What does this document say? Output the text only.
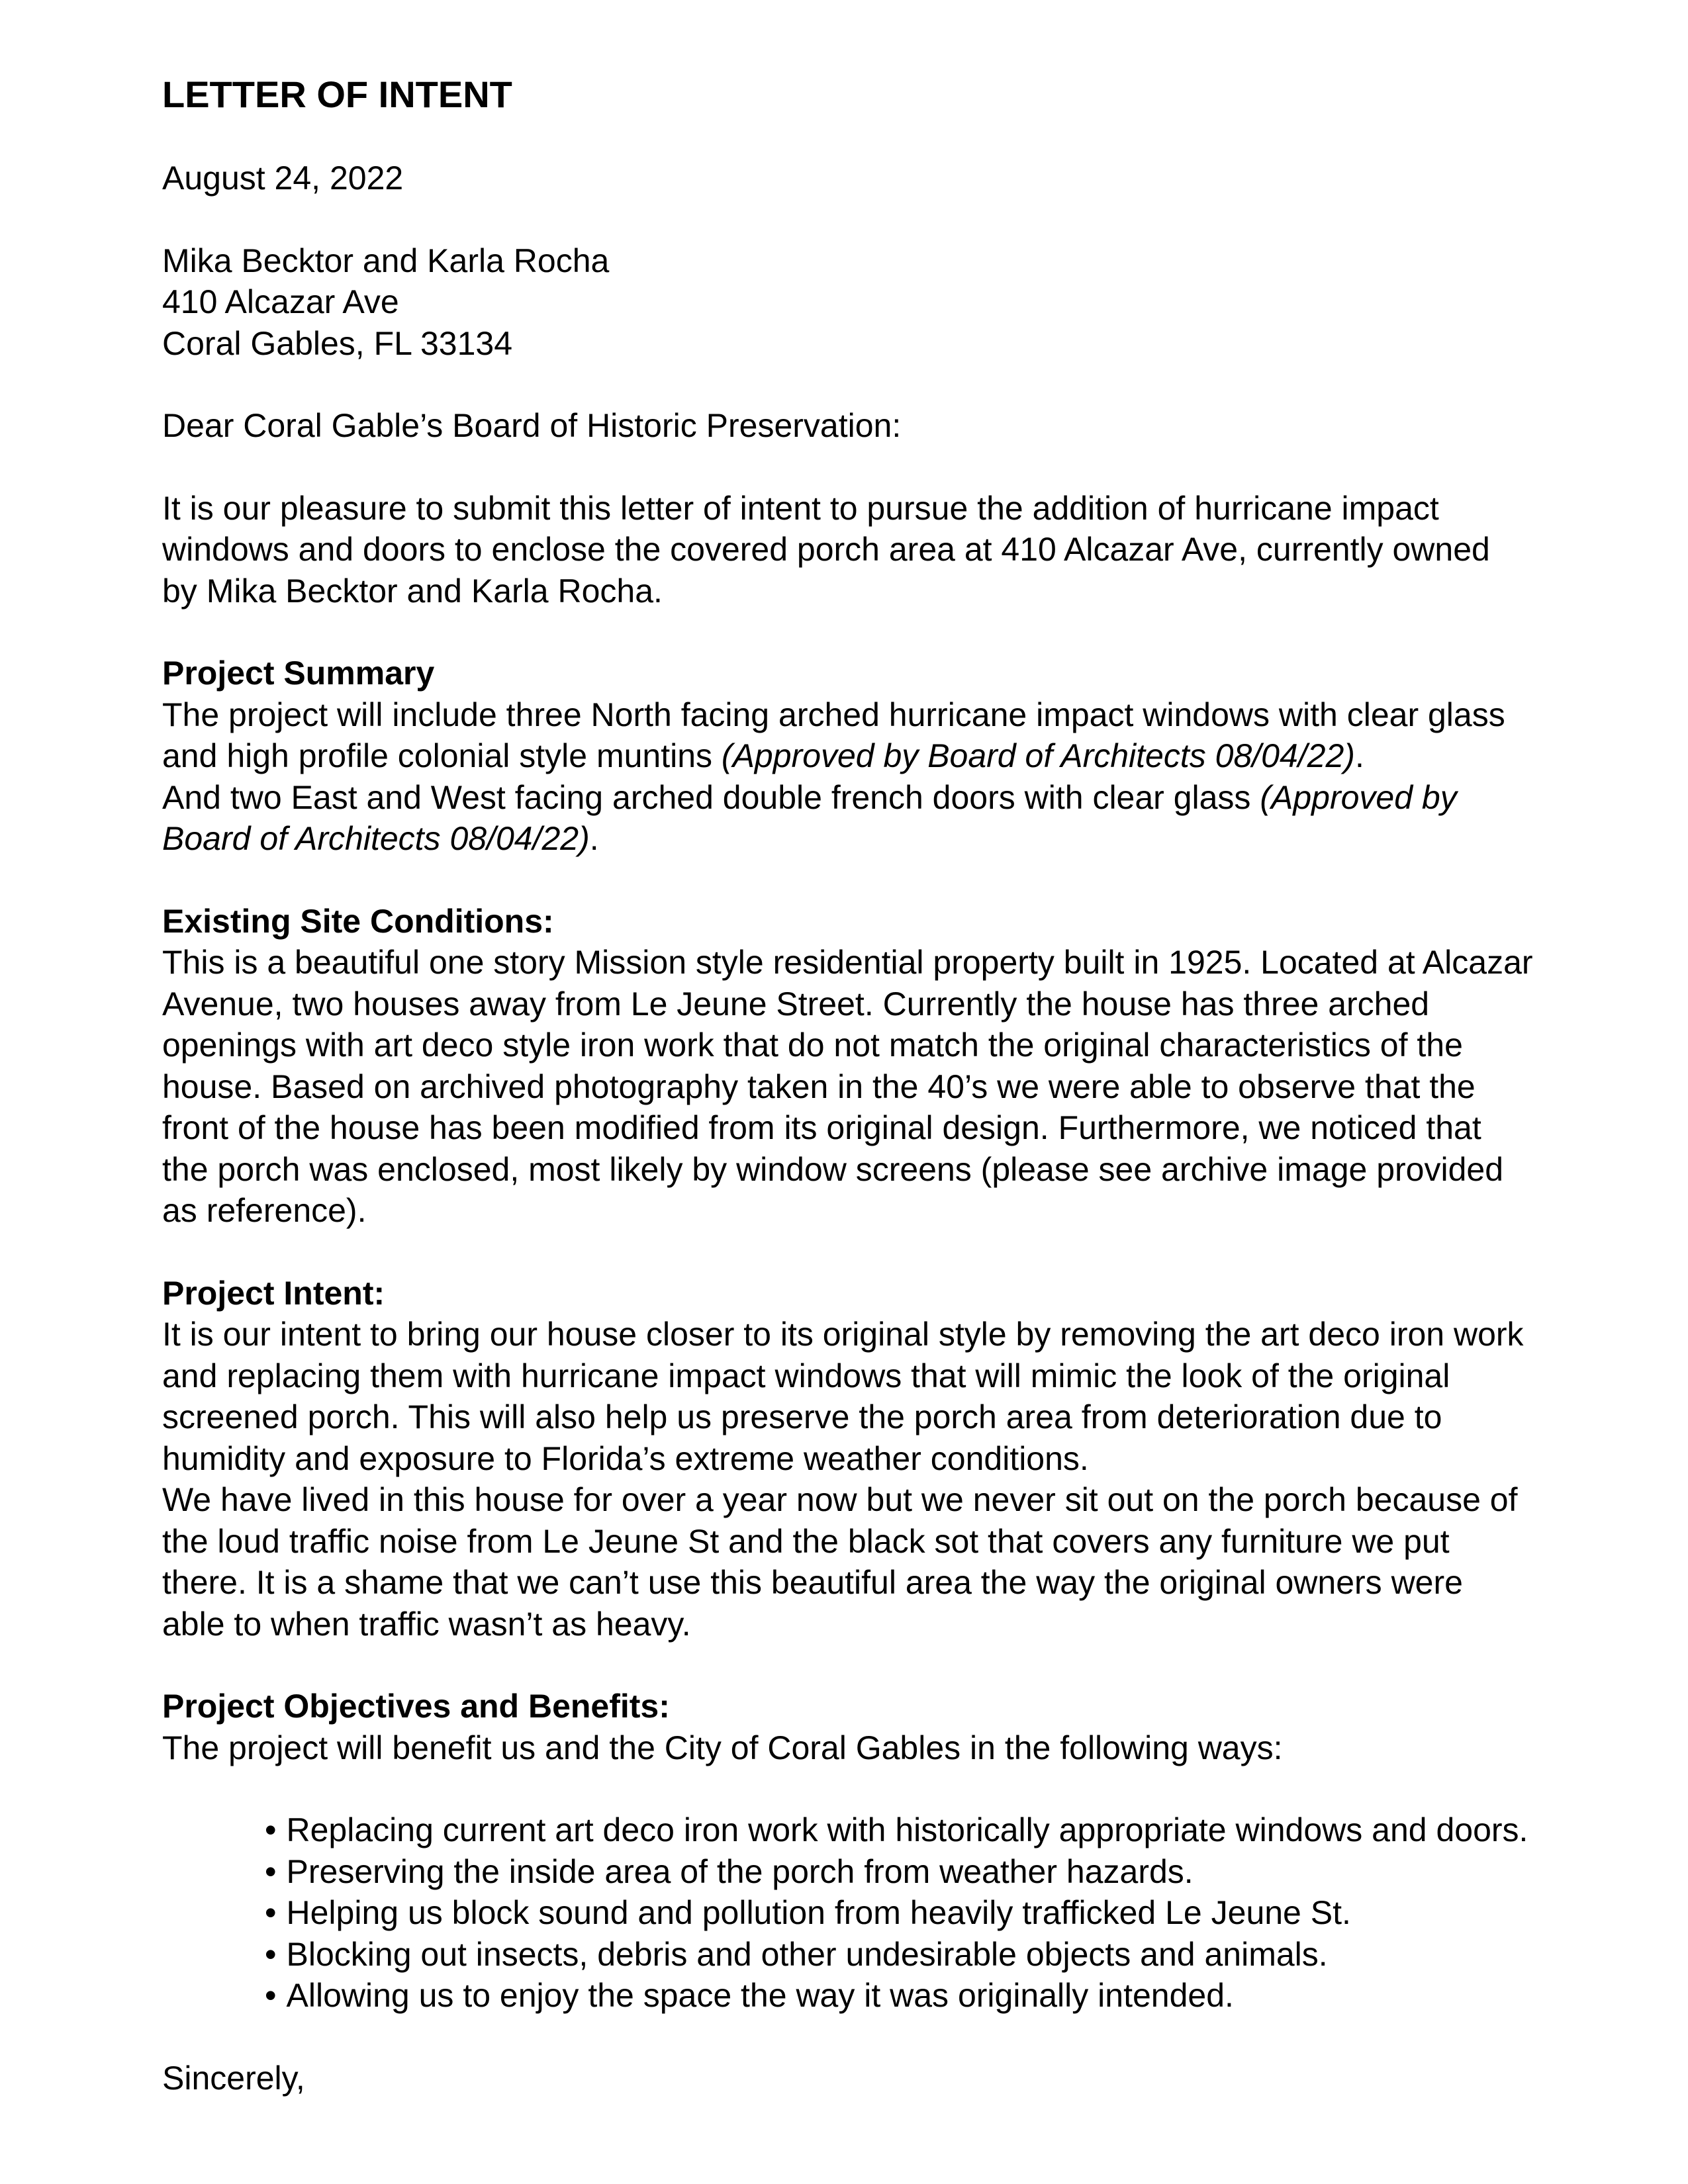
LETTER OF INTENT

August 24, 2022

Mika Becktor and Karla Rocha
410 Alcazar Ave
Coral Gables, FL 33134

Dear Coral Gable’s Board of Historic Preservation:

It is our pleasure to submit this letter of intent to pursue the addition of hurricane impact windows and doors to enclose the covered porch area at 410 Alcazar Ave, currently owned by Mika Becktor and Karla Rocha.

Project Summary

The project will include three North facing arched hurricane impact windows with clear glass and high profile colonial style muntins (Approved by Board of Architects 08/04/22).

And two East and West facing arched double french doors with clear glass (Approved by Board of Architects 08/04/22).

Existing Site Conditions:

This is a beautiful one story Mission style residential property built in 1925. Located at Alcazar Avenue, two houses away from Le Jeune Street. Currently the house has three arched openings with art deco style iron work that do not match the original characteristics of the house. Based on archived photography taken in the 40’s we were able to observe that the front of the house has been modified from its original design. Furthermore, we noticed that the porch was enclosed, most likely by window screens (please see archive image provided as reference).

Project Intent:

It is our intent to bring our house closer to its original style by removing the art deco iron work and replacing them with hurricane impact windows that will mimic the look of the original screened porch. This will also help us preserve the porch area from deterioration due to humidity and exposure to Florida’s extreme weather conditions.

We have lived in this house for over a year now but we never sit out on the porch because of the loud traffic noise from Le Jeune St and the black sot that covers any furniture we put there. It is a shame that we can’t use this beautiful area the way the original owners were able to when traffic wasn’t as heavy.

Project Objectives and Benefits:

The project will benefit us and the City of Coral Gables in the following ways:

• Replacing current art deco iron work with historically appropriate windows and doors.
• Preserving the inside area of the porch from weather hazards.
• Helping us block sound and pollution from heavily trafficked Le Jeune St.
• Blocking out insects, debris and other undesirable objects and animals.
• Allowing us to enjoy the space the way it was originally intended.

Sincerely,
